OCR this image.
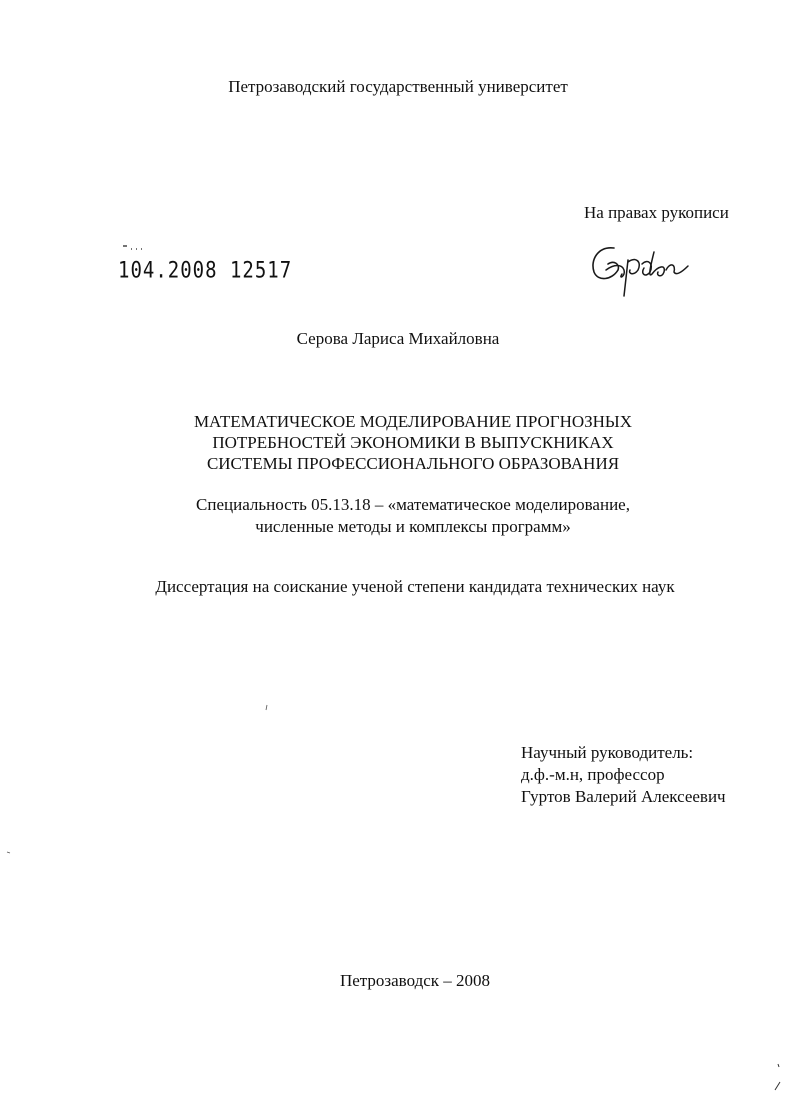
Петрозаводский государственный университет
На правах рукописи
104.2008 12517
Серова Лариса Михайловна
МАТЕМАТИЧЕСКОЕ МОДЕЛИРОВАНИЕ ПРОГНОЗНЫХ
ПОТРЕБНОСТЕЙ ЭКОНОМИКИ В ВЫПУСКНИКАХ
СИСТЕМЫ ПРОФЕССИОНАЛЬНОГО ОБРАЗОВАНИЯ
Специальность 05.13.18 – «математическое моделирование,
численные методы и комплексы программ»
Диссертация на соискание ученой степени кандидата технических наук
Научный руководитель:
д.ф.-м.н, профессор
Гуртов Валерий Алексеевич
Петрозаводск – 2008
